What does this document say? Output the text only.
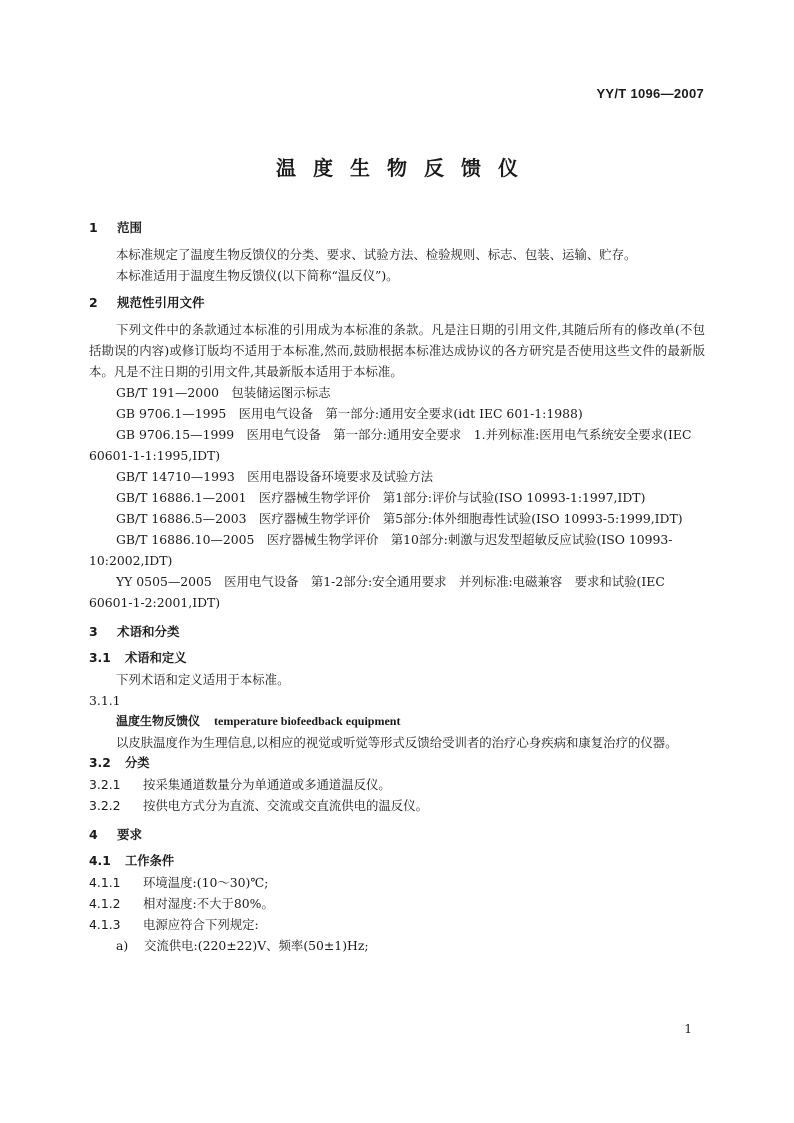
YY/T 1096—2007
温度生物反馈仪
1 范围
本标准规定了温度生物反馈仪的分类、要求、试验方法、检验规则、标志、包装、运输、贮存。
本标准适用于温度生物反馈仪(以下简称“温反仪”)。
2 规范性引用文件
下列文件中的条款通过本标准的引用成为本标准的条款。凡是注日期的引用文件,其随后所有的修改单(不包括勘误的内容)或修订版均不适用于本标准,然而,鼓励根据本标准达成协议的各方研究是否使用这些文件的最新版本。凡是不注日期的引用文件,其最新版本适用于本标准。
GB/T 191—2000　包装储运图示标志
GB 9706.1—1995　医用电气设备　第一部分:通用安全要求(idt IEC 601-1:1988)
GB 9706.15—1999　医用电气设备　第一部分:通用安全要求　1.并列标准:医用电气系统安全要求(IEC 60601-1-1:1995,IDT)
GB/T 14710—1993　医用电器设备环境要求及试验方法
GB/T 16886.1—2001　医疗器械生物学评价　第1部分:评价与试验(ISO 10993-1:1997,IDT)
GB/T 16886.5—2003　医疗器械生物学评价　第5部分:体外细胞毒性试验(ISO 10993-5:1999,IDT)
GB/T 16886.10—2005　医疗器械生物学评价　第10部分:刺激与迟发型超敏反应试验(ISO 10993-10:2002,IDT)
YY 0505—2005　医用电气设备　第1-2部分:安全通用要求　并列标准:电磁兼容　要求和试验(IEC 60601-1-2:2001,IDT)
3 术语和分类
3.1 术语和定义
下列术语和定义适用于本标准。
3.1.1
温度生物反馈仪 temperature biofeedback equipment
以皮肤温度作为生理信息,以相应的视觉或听觉等形式反馈给受训者的治疗心身疾病和康复治疗的仪器。
3.2 分类
3.2.1 按采集通道数量分为单通道或多通道温反仪。
3.2.2 按供电方式分为直流、交流或交直流供电的温反仪。
4 要求
4.1 工作条件
4.1.1 环境温度:(10～30)℃;
4.1.2 相对湿度:不大于80%。
4.1.3 电源应符合下列规定:
a) 交流供电:(220±22)V、频率(50±1)Hz;
1
